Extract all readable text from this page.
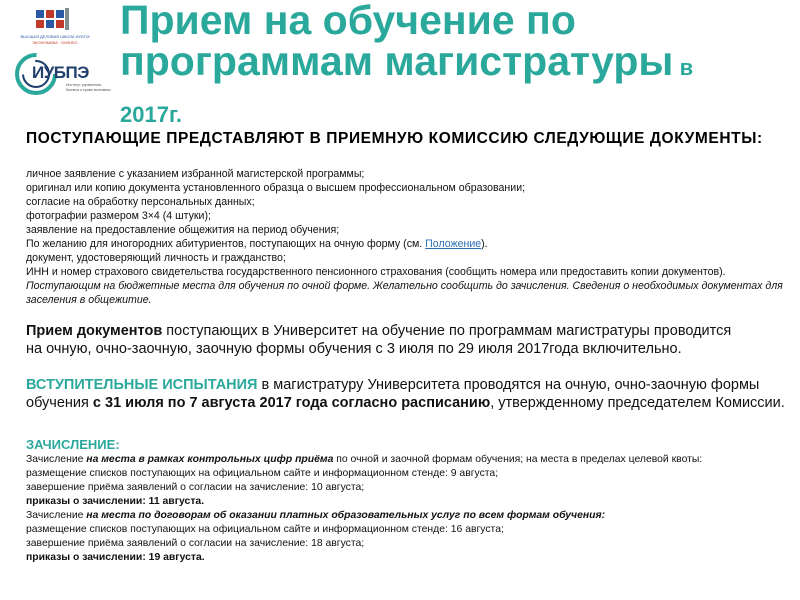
ВЫСШАЯ ДЕЛОВАЯ ШКОЛА ИУБПЭ
ЭКОНОМИКА · БИЗНЕС
ИУБПЭ
Институт управления, бизнеса и права экономики
Прием на обучение по программам магистратуры в
2017г.

ПОСТУПАЮЩИЕ ПРЕДСТАВЛЯЮТ В ПРИЕМНУЮ КОМИССИЮ СЛЕДУЮЩИЕ ДОКУМЕНТЫ:

личное заявление с указанием избранной магистерской программы;
оригинал или копию документа установленного образца о высшем профессиональном образовании;
согласие на обработку персональных данных;
фотографии размером 3×4 (4 штуки);
заявление на предоставление общежития на период обучения;
По желанию для иногородних абитуриентов, поступающих на очную форму (см. Положение).
документ, удостоверяющий личность и гражданство;
ИНН и номер страхового свидетельства государственного пенсионного страхования (сообщить номера или предоставить копии документов).
Поступающим на бюджетные места для обучения по очной форме. Желательно сообщить до зачисления. Сведения о необходимых документах для заселения в общежитие.

Прием документов поступающих в Университет на обучение по программам магистратуры проводится
на очную, очно-заочную, заочную формы обучения с 3 июля по 29 июля 2017года включительно.

ВСТУПИТЕЛЬНЫЕ ИСПЫТАНИЯ в магистратуру Университета проводятся на очную, очно-заочную формы обучения с 31 июля по 7 августа 2017 года согласно расписанию, утвержденному председателем Комиссии.

ЗАЧИСЛЕНИЕ:

Зачисление на места в рамках контрольных цифр приёма по очной и заочной формам обучения; на места в пределах целевой квоты:
размещение списков поступающих на официальном сайте и информационном стенде: 9 августа;
завершение приёма заявлений о согласии на зачисление: 10 августа;
приказы о зачислении: 11 августа.
Зачисление на места по договорам об оказании платных образовательных услуг по всем формам обучения:
размещение списков поступающих на официальном сайте и информационном стенде: 16 августа;
завершение приёма заявлений о согласии на зачисление: 18 августа;
приказы о зачислении: 19 августа.
